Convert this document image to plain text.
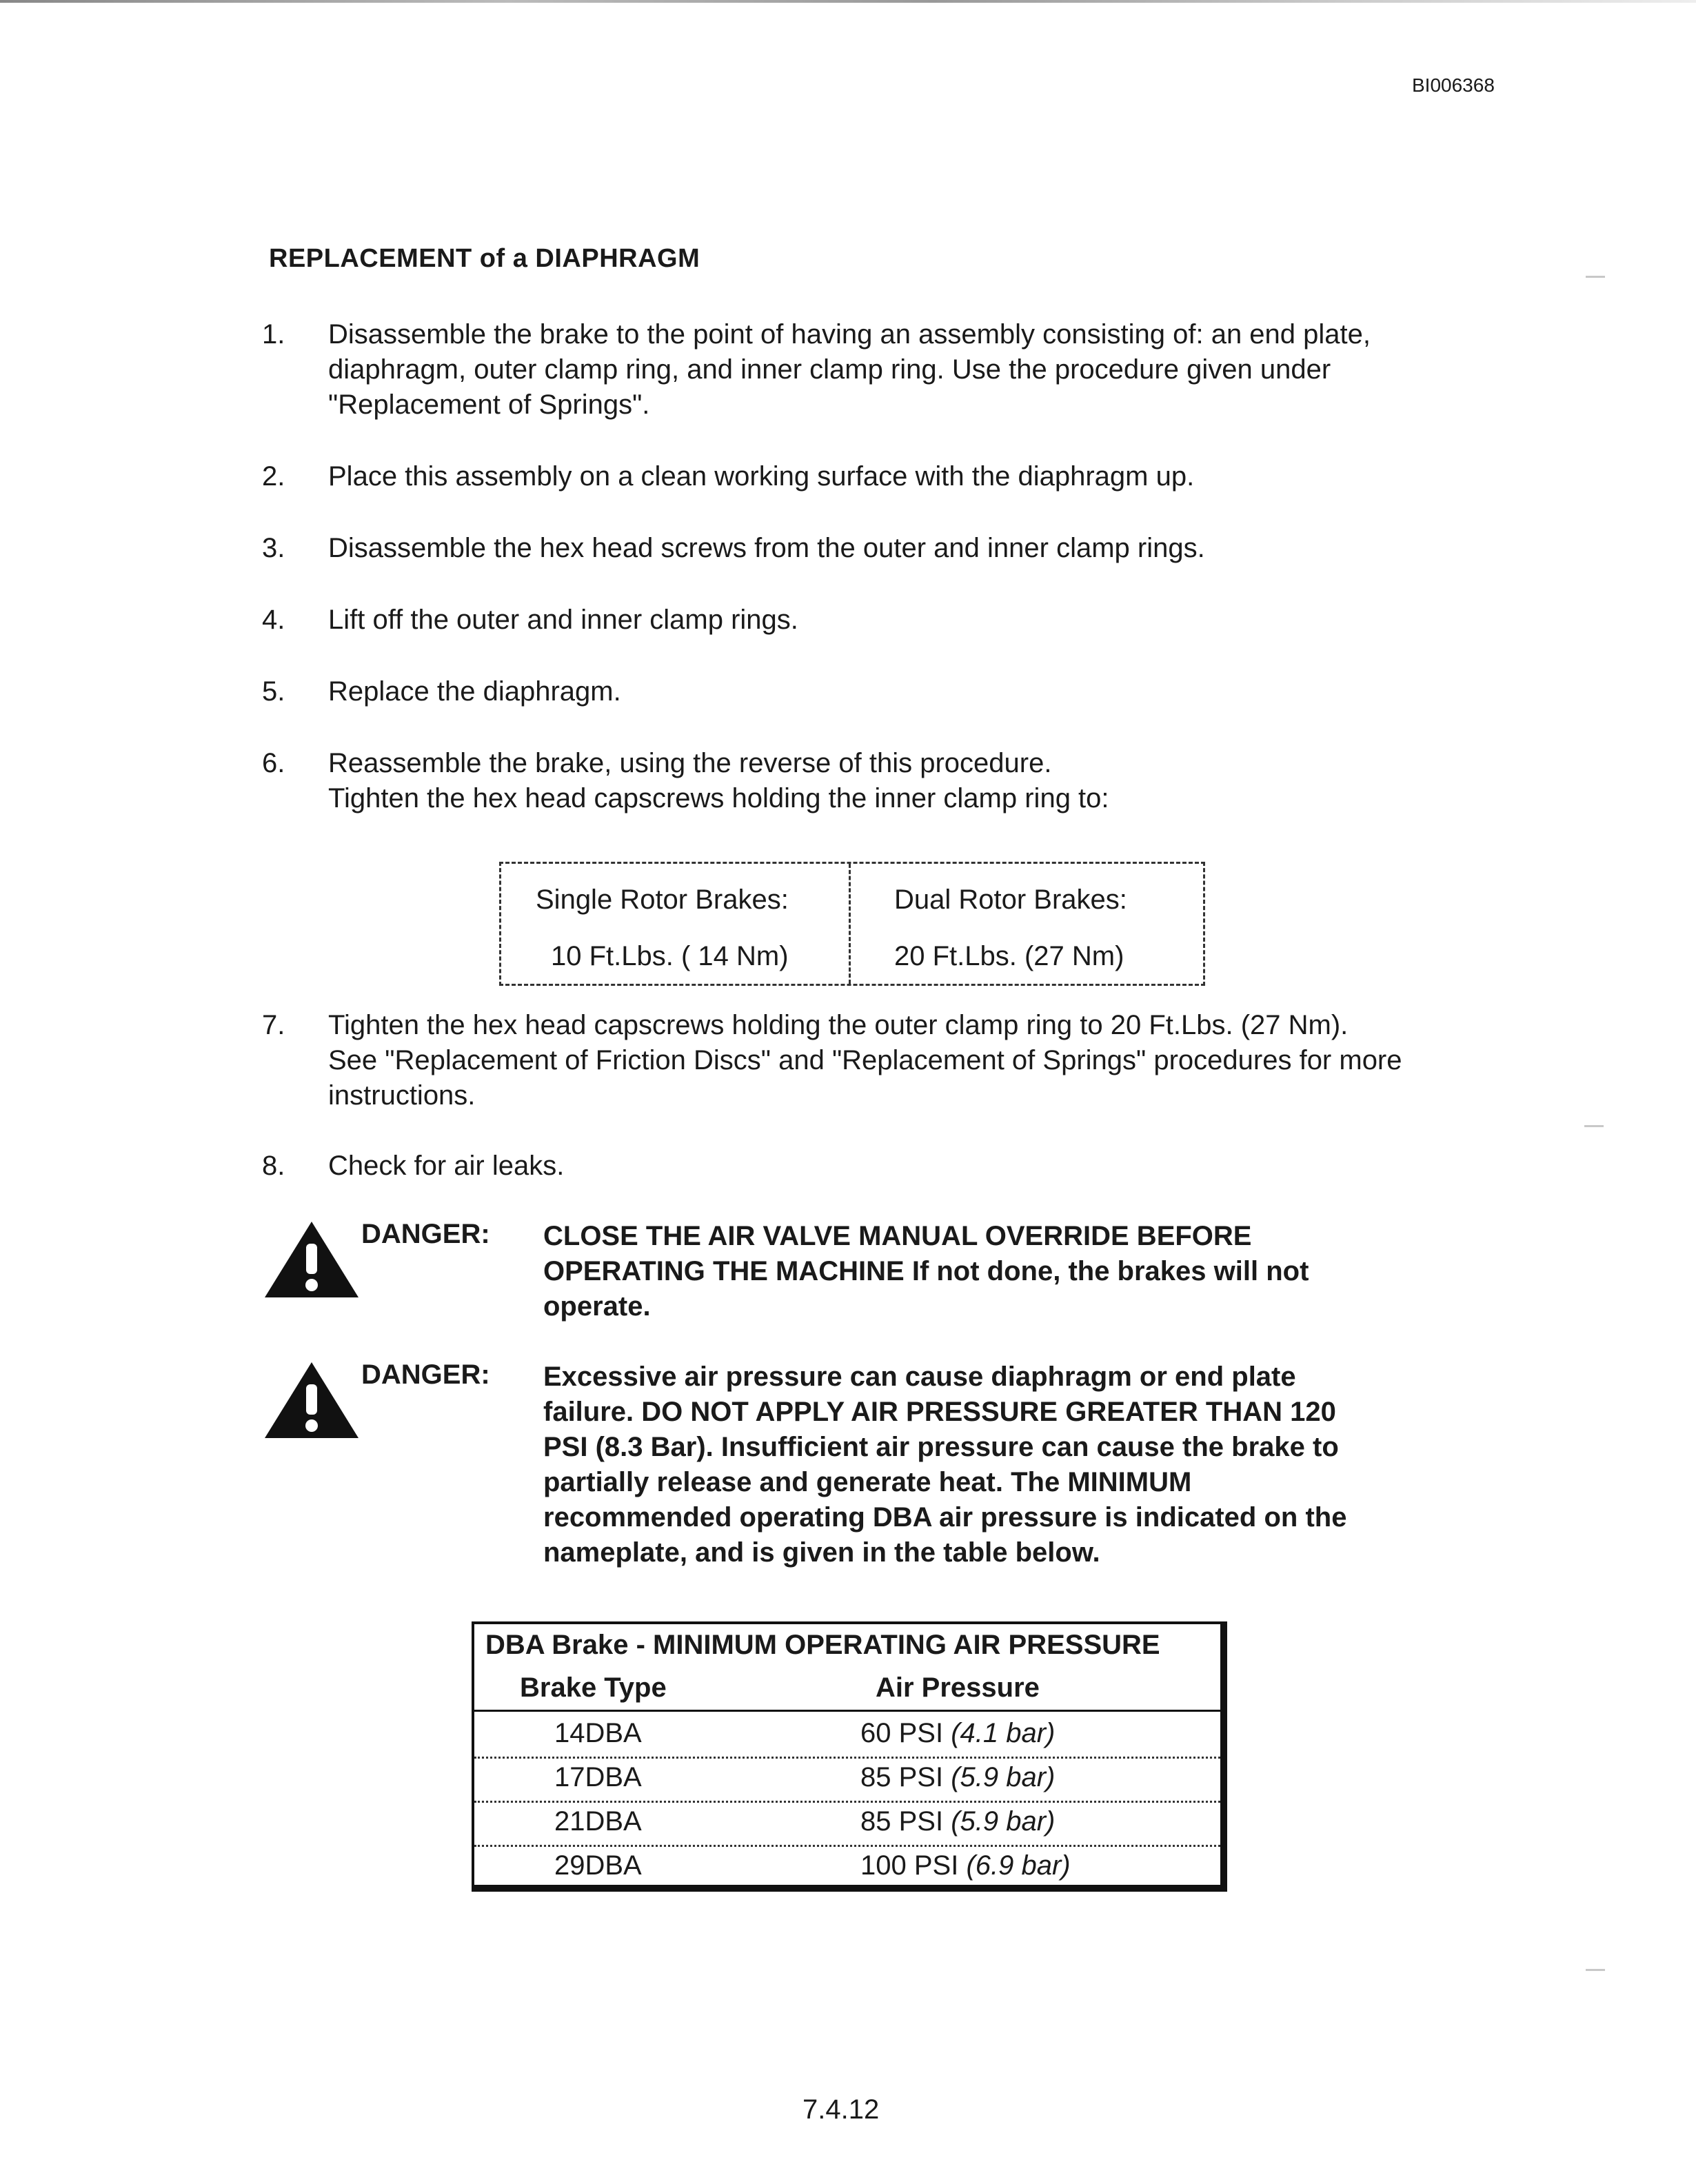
BI006368
REPLACEMENT of a DIAPHRAGM
1.	Disassemble the brake to the point of having an assembly consisting of: an end plate,

diaphragm, outer clamp ring, and inner clamp ring. Use the procedure given under

"Replacement of Springs".

2.	Place this assembly on a clean working surface with the diaphragm up.

3.	Disassemble the hex head screws from the outer and inner clamp rings.

4.	Lift off the outer and inner clamp rings.

5.	Replace the diaphragm.

6.	Reassemble the brake, using the reverse of this procedure.

Tighten the hex head capscrews holding the inner clamp ring to:

Single Rotor Brakes:
10 Ft.Lbs. ( 14 Nm)
Dual Rotor Brakes:
20 Ft.Lbs. (27 Nm)
7.	Tighten the hex head capscrews holding the outer clamp ring to 20 Ft.Lbs. (27 Nm).

See "Replacement of Friction Discs" and "Replacement of Springs" procedures for more

instructions.

8.	Check for air leaks.

DANGER: CLOSE THE AIR VALVE MANUAL OVERRIDE BEFORE
OPERATING THE MACHINE If not done, the brakes will not
operate.
DANGER: Excessive air pressure can cause diaphragm or end plate
failure. DO NOT APPLY AIR PRESSURE GREATER THAN 120
PSI (8.3 Bar). Insufficient air pressure can cause the brake to
partially release and generate heat. The MINIMUM
recommended operating DBA air pressure is indicated on the
nameplate, and is given in the table below.
DBA Brake - MINIMUM OPERATING AIR PRESSURE
Brake Type	Air Pressure
14DBA	60 PSI (4.1 bar)
17DBA	85 PSI (5.9 bar)
21DBA	85 PSI (5.9 bar)
29DBA	100 PSI (6.9 bar)
7.4.12
